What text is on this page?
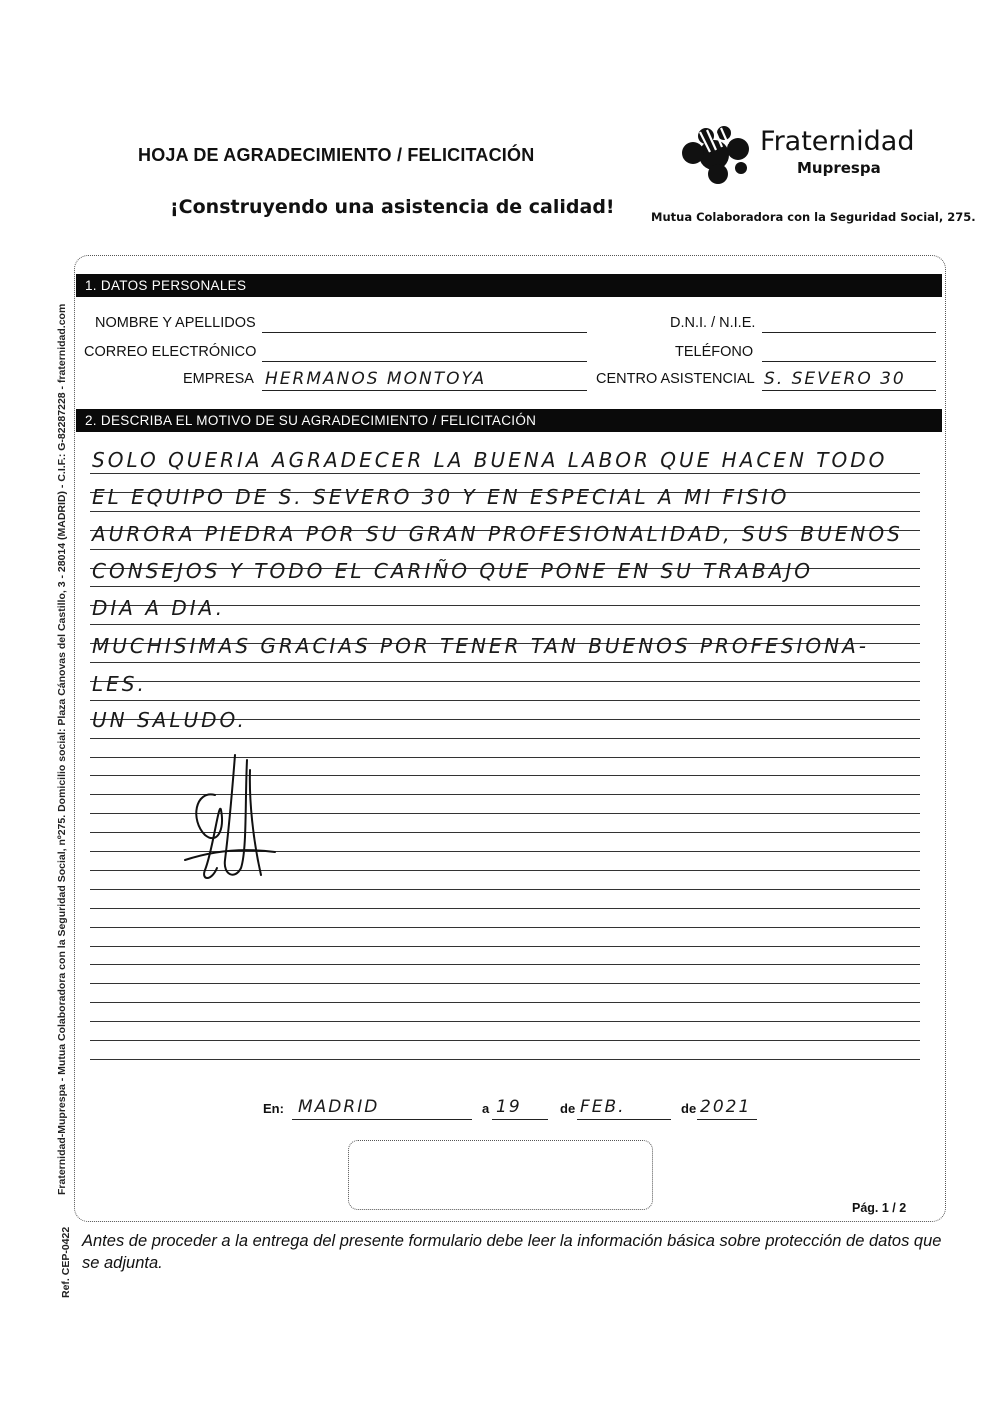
HOJA DE AGRADECIMIENTO / FELICITACIÓN
¡Construyendo una asistencia de calidad!
Fraternidad
Muprespa
Mutua Colaboradora con la Seguridad Social, 275.
Fraternidad-Muprespa - Mutua Colaboradora con la Seguridad Social, nº275. Domicilio social: Plaza Cánovas del Castillo, 3 - 28014 (MADRID) - C.I.F.: G-82287228 - fraternidad.com
Ref. CEP-0422
1. DATOS PERSONALES
NOMBRE Y APELLIDOS	D.N.I. / N.I.E.
CORREO ELECTRÓNICO	TELÉFONO
EMPRESA HERMANOS MONTOYA	CENTRO ASISTENCIAL S. SEVERO 30
2. DESCRIBA EL MOTIVO DE SU AGRADECIMIENTO / FELICITACIÓN
SOLO QUERIA AGRADECER LA BUENA LABOR QUE HACEN TODO
EL EQUIPO DE S. SEVERO 30 Y EN ESPECIAL A MI FISIO
AURORA PIEDRA POR SU GRAN PROFESIONALIDAD, SUS BUENOS
CONSEJOS Y TODO EL CARIÑO QUE PONE EN SU TRABAJO
DIA A DIA.
MUCHISIMAS GRACIAS POR TENER TAN BUENOS PROFESIONA-
LES.
UN SALUDO.
En: MADRID	a 19	de FEB.	de 2021
Pág. 1 / 2
Antes de proceder a la entrega del presente formulario debe leer la información básica sobre protección de datos que se adjunta.
